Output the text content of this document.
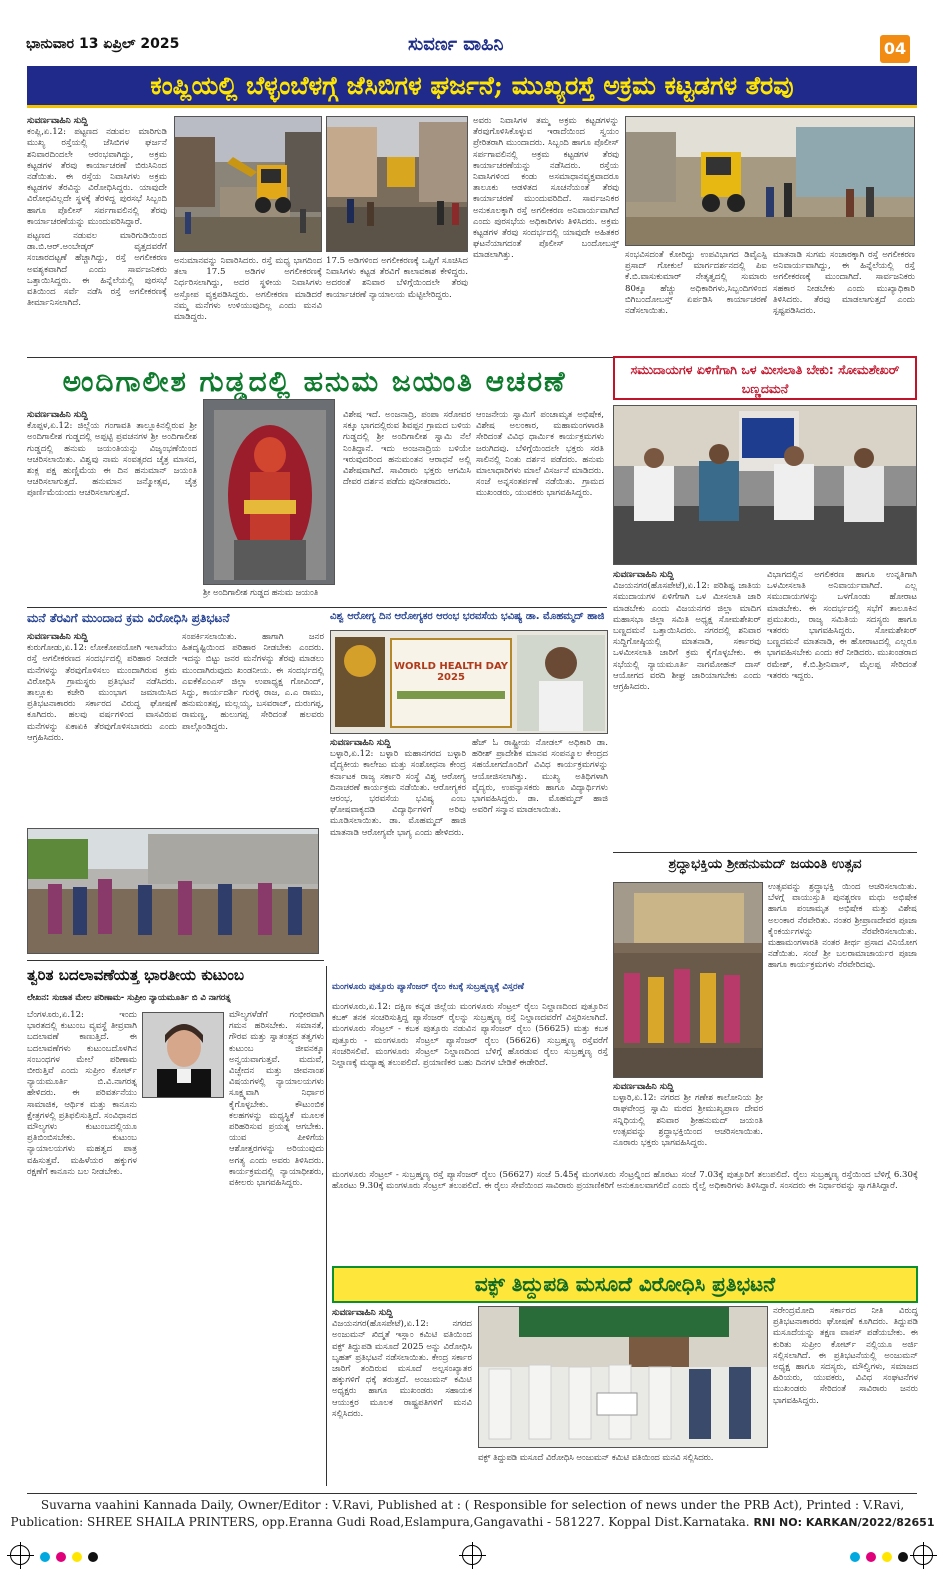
ಭಾನುವಾರ 13 ಏಪ್ರಿಲ್ 2025	ಸುವರ್ಣ ವಾಹಿನಿ	04
ಕಂಪ್ಲಿಯಲ್ಲಿ ಬೆಳ್ಳಂಬೆಳಗ್ಗೆ ಜೆಸಿಬಿಗಳ ಘರ್ಜನೆ; ಮುಖ್ಯರಸ್ತೆ ಅಕ್ರಮ ಕಟ್ಟಡಗಳ ತೆರವು
ಸುವರ್ಣವಾಹಿನಿ ಸುದ್ದಿ

ಕಂಪ್ಲಿ,ಏ.12: ಪಟ್ಟಣದ ನಡುವಲ ಮಾರಿಗುಡಿ ಮುಖ್ಯ ರಸ್ತೆಯಲ್ಲಿ ಜೆಸಿಬಿಗಳ ಘರ್ಜನೆ ಶನಿವಾರದಿಂದಲೇ ಆರಂಭವಾಗಿದ್ದು, ಅಕ್ರಮ ಕಟ್ಟಡಗಳ ತೆರವು ಕಾರ್ಯಾಚರಣೆ ಬಿರುಸಿನಿಂದ ನಡೆಯಿತು. ಈ ರಸ್ತೆಯ ನಿವಾಸಿಗಳು ಅಕ್ರಮ ಕಟ್ಟಡಗಳ ತೆರವಿನ್ನು ವಿರೋಧಿಸಿದ್ದರು. ಯಾವುದೇ ವಿರೋಧವಿಲ್ಲದೇ ಸ್ಥಳಕ್ಕೆ ತೆರಳಿದ್ದ ಪುರಸಭೆ ಸಿಬ್ಬಂದಿ ಹಾಗೂ ಪೊಲೀಸ್ ಸರ್ಪಗಾವಲಿನಲ್ಲಿ ತೆರವು ಕಾರ್ಯಾಚರಣೆಯನ್ನು ಮುಂದುವರಿಸಿದ್ದಾರೆ.

ಪಟ್ಟಣದ ನಡುವಲ ಮಾರಿಗುಡಿಯಿಂದ ಡಾ.ಬಿ.ಆರ್.ಅಂಬೇಡ್ಕರ್ ವೃತ್ತದವರೆಗೆ ಸಂಚಾರದಟ್ಟಣೆ ಹೆಚ್ಚಾಗಿದ್ದು, ರಸ್ತೆ ಅಗಲೀಕರಣ ಅವಶ್ಯಕವಾಗಿದೆ ಎಂದು ಸಾರ್ವಜನಿಕರು ಒತ್ತಾಯಿಸಿದ್ದರು. ಈ ಹಿನ್ನೆಲೆಯಲ್ಲಿ ಪುರಸಭೆ ವತಿಯಿಂದ ಸರ್ವೆ ನಡೆಸಿ ರಸ್ತೆ ಅಗಲೀಕರಣಕ್ಕೆ ತೀರ್ಮಾನಿಸಲಾಗಿದೆ.

ಅನುಮಾನವನ್ನು ನಿವಾರಿಸಿದರು. ರಸ್ತೆ ಮಧ್ಯ ಭಾಗದಿಂದ ತಲಾ 17.5 ಅಡಿಗಳ ಅಗಲೀಕರಣಕ್ಕೆ ನಿರ್ಧರಿಸಲಾಗಿದ್ದು, ಅದರ ಸ್ಥಳೀಯ ನಿವಾಸಿಗಳು ಅಸ್ತೋಪ ವ್ಯಕ್ತಪಡಿಸಿದ್ದರು. ಅಗಲೀಕರಣ ಮಾಡಿದರೆ ನಮ್ಮ ಮನೆಗಳು ಉಳಿಯುವುದಿಲ್ಲ ಎಂದು ಮನವಿ ಮಾಡಿದ್ದರು.

17.5 ಅಡಿಗಳಿಂದ ಅಗಲೀಕರಣಕ್ಕೆ ಒಪ್ಪಿಗೆ ಸೂಚಿಸಿದ ನಿವಾಸಿಗಳು ಕಟ್ಟಡ ತೆರವಿಗೆ ಕಾಲಾವಕಾಶ ಕೇಳಿದ್ದರು. ಅದರಂತೆ ಶನಿವಾರ ಬೆಳಿಗ್ಗೆಯಿಂದಲೇ ತೆರವು ಕಾರ್ಯಾಚರಣೆ ನ್ಯಾಯಾಲಯ ಮೆಟ್ಟಿಲೇರಿದ್ದರು.

ಅವರು ನಿವಾಸಿಗಳ ತಮ್ಮ ಅಕ್ರಮ ಕಟ್ಟಡಗಳನ್ನು ತೆರವುಗೊಳಿಸಿಕೊಳ್ಳುವ ಇರಾದೆಯಿಂದ ಸ್ವಯಂ ಪ್ರೇರಿತರಾಗಿ ಮುಂದಾದರು. ಸಿಬ್ಬಂದಿ ಹಾಗೂ ಪೊಲೀಸ್ ಸರ್ಪಗಾವಲಿನಲ್ಲಿ ಅಕ್ರಮ ಕಟ್ಟಡಗಳ ತೆರವು ಕಾರ್ಯಾಚರಣೆಯನ್ನು ನಡೆಸಿದರು. ರಸ್ತೆಯ ನಿವಾಸಿಗಳಿಂದ ಕಂಡು ಅಸಮಾಧಾನವ್ಯಕ್ತವಾದರೂ ತಾಲೂಕು ಆಡಳಿತದ ಸೂಚನೆಯಂತೆ ತೆರವು ಕಾರ್ಯಾಚರಣೆ ಮುಂದುವರಿದಿದೆ. ಸಾರ್ವಜನಿಕರ ಅನುಕೂಲಕ್ಕಾಗಿ ರಸ್ತೆ ಅಗಲೀಕರಣ ಅನಿವಾರ್ಯವಾಗಿದೆ ಎಂದು ಪುರಸಭೆಯ ಅಧಿಕಾರಿಗಳು ತಿಳಿಸಿದರು. ಅಕ್ರಮ ಕಟ್ಟಡಗಳ ತೆರವು ಸಂದರ್ಭದಲ್ಲಿ ಯಾವುದೇ ಅಹಿತಕರ ಘಟನೆಯಾಗದಂತೆ ಪೊಲೀಸ್ ಬಂದೋಬಸ್ತ್ ಮಾಡಲಾಗಿತ್ತು.	ಸಂಭವಿಸದಂತೆ ಕೋರಿದ್ದು ಉಪವಿಭಾಗದ ಡಿವೈಎಸ್ಪಿ ಪ್ರಸಾದ್ ಗೋಕುಲೆ ಮಾರ್ಗದರ್ಶನದಲ್ಲಿ ಪಿಐ ಕೆ.ಬಿ.ವಾಸುಕುಮಾರ್ ನೇತೃತ್ವದಲ್ಲಿ ಸುಮಾರು 80ಕ್ಕೂ ಹೆಚ್ಚು ಅಧಿಕಾರಿಗಳು,ಸಿಬ್ಬಂದಿಗಳಿಂದ ಬಿಗಿಬಂದೋಬಸ್ತ್ ಏರ್ಪಡಿಸಿ ಕಾರ್ಯಾಚರಣೆ ನಡೆಸಲಾಯಿತು.

ಮಾತನಾಡಿ ಸುಗಮ ಸಂಚಾರಕ್ಕಾಗಿ ರಸ್ತೆ ಅಗಲೀಕರಣ ಅನಿವಾರ್ಯವಾಗಿದ್ದು, ಈ ಹಿನ್ನೆಲೆಯಲ್ಲಿ ರಸ್ತೆ ಅಗಲೀಕರಣಕ್ಕೆ ಮುಂದಾಗಿದೆ. ಸಾರ್ವಜನಿಕರು ಸಹಕಾರ ನೀಡಬೇಕು ಎಂದು ಮುಖ್ಯಾಧಿಕಾರಿ ತಿಳಿಸಿದರು. ತೆರವು ಮಾಡಲಾಗುತ್ತದೆ ಎಂದು ಸ್ಪಷ್ಟಪಡಿಸಿದರು.

ಅಂದಿಗಾಲೀಶ ಗುಡ್ಡದಲ್ಲಿ ಹನುಮ ಜಯಂತಿ ಆಚರಣೆ
ಸುವರ್ಣವಾಹಿನಿ ಸುದ್ದಿ

ಕೊಪ್ಪಳ,ಏ.12: ಜಿಲ್ಲೆಯ ಗಂಗಾವತಿ ತಾಲ್ಲೂಕಿನಲ್ಲಿರುವ ಶ್ರೀ ಅಂದಿಗಾಲೀಶ ಗುಡ್ಡದಲ್ಲಿ ಅಪ್ಪಟ್ಟಿ ಪ್ರವಚನಗಳ ಶ್ರೀ ಅಂದಿಗಾಲೀಶ ಗುಡ್ಡದಲ್ಲಿ ಹನುಮ ಜಯಂತಿಯನ್ನು ವಿಜೃಂಭಣೆಯಿಂದ ಆಚರಿಸಲಾಯಿತು. ವಿಶ್ವವು ನಾಮ ಸಂವತ್ಸರದ ಚೈತ್ರ ಮಾಸದ, ಶುಕ್ಲ ಪಕ್ಷ ಹುಣ್ಣಿಮೆಯ ಈ ದಿನ ಹನುಮಾನ್ ಜಯಂತಿ ಆಚರಿಸಲಾಗುತ್ತದೆ. ಹನುಮಾನ ಜನ್ಮೋತ್ಸವ, ಚೈತ್ರ ಪೂರ್ಣಿಮೆಯಂದು ಆಚರಿಸಲಾಗುತ್ತದೆ.

ಶ್ರೀ ಅಂದಿಗಾಲೀಶ ಗುಡ್ಡದ ಹನುಮ ಜಯಂತಿ

ವಿಶೇಷ ಇದೆ. ಅಂಜನಾದ್ರಿ, ಪಂಪಾ ಸರೋವರ ಸಕ್ಕೂ ಭಾಗದಲ್ಲಿರುವ ಶಿವಪ್ಪನ ಗ್ರಾಮದ ಬಳಿಯ ಗುಡ್ಡದಲ್ಲಿ ಶ್ರೀ ಅಂದಿಗಾಲೀಶ ಸ್ವಾಮಿ ನೆಲೆ ನಿಂತಿದ್ದಾನೆ. ಇದು ಅಂಜನಾದ್ರಿಯ ಬಳಿಯೇ ಇರುವುದರಿಂದ ಹನುಮಂತನ ಆರಾಧನೆ ಅಲ್ಲಿ ವಿಶೇಷವಾಗಿದೆ. ಸಾವಿರಾರು ಭಕ್ತರು ಆಗಮಿಸಿ ದೇವರ ದರ್ಶನ ಪಡೆದು ಪುನೀತರಾದರು.

ಆಂಜನೇಯ ಸ್ವಾಮಿಗೆ ಪಂಚಾಮೃತ ಅಭಿಷೇಕ, ವಿಶೇಷ ಅಲಂಕಾರ, ಮಹಾಮಂಗಳಾರತಿ ಸೇರಿದಂತೆ ವಿವಿಧ ಧಾರ್ಮಿಕ ಕಾರ್ಯಕ್ರಮಗಳು ಜರುಗಿದವು. ಬೆಳಿಗ್ಗೆಯಿಂದಲೇ ಭಕ್ತರು ಸರತಿ ಸಾಲಿನಲ್ಲಿ ನಿಂತು ದರ್ಶನ ಪಡೆದರು. ಹನುಮ ಮಾಲಾಧಾರಿಗಳು ಮಾಲೆ ವಿಸರ್ಜನೆ ಮಾಡಿದರು. ಸಂಜೆ ಅನ್ನಸಂತರ್ಪಣೆ ನಡೆಯಿತು. ಗ್ರಾಮದ ಮುಖಂಡರು, ಯುವಕರು ಭಾಗವಹಿಸಿದ್ದರು.

ಸಮುದಾಯಗಳ ಏಳಿಗೆಗಾಗಿ ಒಳ ಮೀಸಲಾತಿ ಬೇಕು: ಸೋಮಶೇಖರ್ ಬಣ್ಣದಮನೆ
ಸುವರ್ಣವಾಹಿನಿ ಸುದ್ದಿ

ವಿಜಯನಗರ(ಹೊಸಪೇಟೆ),ಏ.12: ಪರಿಶಿಷ್ಟ ಜಾತಿಯ ಸಮುದಾಯಗಳ ಏಳಿಗೆಗಾಗಿ ಒಳ ಮೀಸಲಾತಿ ಜಾರಿ ಮಾಡಬೇಕು ಎಂದು ವಿಜಯನಗರ ಜಿಲ್ಲಾ ಮಾದಿಗ ಮಹಾಸಭಾ ಜಿಲ್ಲಾ ಸಮಿತಿ ಅಧ್ಯಕ್ಷ ಸೋಮಶೇಖರ್ ಬಣ್ಣದಮನೆ ಒತ್ತಾಯಿಸಿದರು. ನಗರದಲ್ಲಿ ಶನಿವಾರ ಸುದ್ದಿಗೋಷ್ಠಿಯಲ್ಲಿ ಮಾತನಾಡಿ, ಸರ್ಕಾರವು ಒಳಮೀಸಲಾತಿ ಜಾರಿಗೆ ಕ್ರಮ ಕೈಗೊಳ್ಳಬೇಕು. ಈ ಸಭೆಯಲ್ಲಿ ನ್ಯಾಯಮೂರ್ತಿ ನಾಗಮೋಹನ್ ದಾಸ್ ಆಯೋಗದ ವರದಿ ಶೀಘ್ರ ಜಾರಿಯಾಗಬೇಕು ಎಂದು ಆಗ್ರಹಿಸಿದರು.

ವಿಭಾಗದಲ್ಲಿನ ಅಗಲಿಕರಣ ಹಾಗೂ ಉನ್ನತಿಗಾಗಿ ಒಳಮೀಸಲಾತಿ ಅನಿವಾರ್ಯವಾಗಿದೆ. ಎಲ್ಲ ಸಮುದಾಯಗಳನ್ನು ಒಳಗೊಂಡು ಹೋರಾಟ ಮಾಡಬೇಕು. ಈ ಸಂದರ್ಭದಲ್ಲಿ ಸಭೆಗೆ ತಾಲೂಕಿನ ಪ್ರಮುಖರು, ರಾಜ್ಯ ಸಮಿತಿಯ ಸದಸ್ಯರು ಹಾಗೂ ಇತರರು ಭಾಗವಹಿಸಿದ್ದರು. ಸೋಮಶೇಖರ್ ಬಣ್ಣದಮನೆ ಮಾತನಾಡಿ, ಈ ಹೋರಾಟದಲ್ಲಿ ಎಲ್ಲರೂ ಭಾಗವಹಿಸಬೇಕು ಎಂದು ಕರೆ ನೀಡಿದರು. ಮುಖಂಡರಾದ ರಮೇಶ್, ಕೆ.ಬಿ.ಶ್ರೀನಿವಾಸ್, ಮೈಲಪ್ಪ ಸೇರಿದಂತೆ ಇತರರು ಇದ್ದರು.

ಮನೆ ತೆರವಿಗೆ ಮುಂದಾದ ಕ್ರಮ ವಿರೋಧಿಸಿ ಪ್ರತಿಭಟನೆ
ಸುವರ್ಣವಾಹಿನಿ ಸುದ್ದಿ

ಕುರುಗೋಡು,ಏ.12: ಲೋಕೋಪಯೋಗಿ ಇಲಾಖೆಯು ರಸ್ತೆ ಅಗಲೀಕರಣದ ಸಂದರ್ಭದಲ್ಲಿ ಪರಿಹಾರ ನೀಡದೇ ಮನೆಗಳನ್ನು ತೆರವುಗೊಳಿಸಲು ಮುಂದಾಗಿರುವ ಕ್ರಮ ವಿರೋಧಿಸಿ ಗ್ರಾಮಸ್ಥರು ಪ್ರತಿಭಟನೆ ನಡೆಸಿದರು. ತಾಲ್ಲೂಕು ಕಚೇರಿ ಮುಂಭಾಗ ಜಮಾಯಿಸಿದ ಪ್ರತಿಭಟನಾಕಾರರು ಸರ್ಕಾರದ ವಿರುದ್ಧ ಘೋಷಣೆ ಕೂಗಿದರು. ಹಲವು ವರ್ಷಗಳಿಂದ ವಾಸವಿರುವ ಮನೆಗಳನ್ನು ಏಕಾಏಕಿ ತೆರವುಗೊಳಿಸಬಾರದು ಎಂದು ಆಗ್ರಹಿಸಿದರು.

ಸಂಪರ್ಕಿಸಲಾಯಿತು. ಹಾಗಾಗಿ ಜನರ ಹಿತದೃಷ್ಟಿಯಿಂದ ಪರಿಹಾರ ನೀಡಬೇಕು ಎಂದರು. ಇದನ್ನು ಬಿಟ್ಟು ಜನರ ಮನೆಗಳನ್ನು ತೆರವು ಮಾಡಲು ಮುಂದಾಗಿರುವುದು ಖಂಡನೀಯ. ಈ ಸಂದರ್ಭದಲ್ಲಿ ಎಐಕೆಕೆಎಂಎಸ್ ಜಿಲ್ಲಾ ಉಪಾಧ್ಯಕ್ಷ ಗೋವಿಂದ್, ಸಿದ್ದು, ಕಾರ್ಯದರ್ಶಿ ಗುರಳ್ಳಿ ರಾಜ, ಎ.ಎ ರಾಮು, ಹನುಮಂತಪ್ಪ, ಮಲ್ಲಯ್ಯ, ಬಸವರಾಜ್, ದುರುಗಪ್ಪ, ರಾಮಣ್ಣ, ಹುಲುಗಪ್ಪ ಸೇರಿದಂತೆ ಹಲವರು ಪಾಲ್ಗೊಂಡಿದ್ದರು.

ವಿಶ್ವ ಆರೋಗ್ಯ ದಿನ ಆರೋಗ್ಯಕರ ಆರಂಭ ಭರವಸೆಯ ಭವಿಷ್ಯ ಡಾ. ಮೊಹಮ್ಮದ್ ಹಾಜಿ
WORLD HEALTH DAY 2025
ಸುವರ್ಣವಾಹಿನಿ ಸುದ್ದಿ

ಬಳ್ಳಾರಿ,ಏ.12: ಬಳ್ಳಾರಿ ಮಹಾನಗರದ ಬಳ್ಳಾರಿ ವೈದ್ಯಕೀಯ ಕಾಲೇಜು ಮತ್ತು ಸಂಶೋಧನಾ ಕೇಂದ್ರ ಕರ್ನಾಟಕ ರಾಜ್ಯ ಸರ್ಕಾರಿ ಸಂಸ್ಥೆ ವಿಶ್ವ ಆರೋಗ್ಯ ದಿನಾಚರಣೆ ಕಾರ್ಯಕ್ರಮ ನಡೆಯಿತು. ಆರೋಗ್ಯಕರ ಆರಂಭ, ಭರವಸೆಯ ಭವಿಷ್ಯ ಎಂಬ ಘೋಷವಾಕ್ಯದಡಿ ವಿದ್ಯಾರ್ಥಿಗಳಿಗೆ ಅರಿವು ಮೂಡಿಸಲಾಯಿತು. ಡಾ. ಮೊಹಮ್ಮದ್ ಹಾಜಿ ಮಾತನಾಡಿ ಆರೋಗ್ಯವೇ ಭಾಗ್ಯ ಎಂದು ಹೇಳಿದರು.

ಹೆಚ್ ಓ ರಾಷ್ಟ್ರೀಯ ನೋಡಲ್ ಅಧಿಕಾರಿ ಡಾ. ಹರೀಶ್ ಪ್ರಾದೇಶಿಕ ಮಾನವ ಸಂಪನ್ಮೂಲ ಕೇಂದ್ರದ ಸಹಯೋಗದೊಂದಿಗೆ ವಿವಿಧ ಕಾರ್ಯಕ್ರಮಗಳನ್ನು ಆಯೋಜಿಸಲಾಗಿತ್ತು. ಮುಖ್ಯ ಅತಿಥಿಗಳಾಗಿ ವೈದ್ಯರು, ಉಪನ್ಯಾಸಕರು ಹಾಗೂ ವಿದ್ಯಾರ್ಥಿಗಳು ಭಾಗವಹಿಸಿದ್ದರು. ಡಾ. ಮೊಹಮ್ಮದ್ ಹಾಜಿ ಅವರಿಗೆ ಸನ್ಮಾನ ಮಾಡಲಾಯಿತು.

ಶ್ರದ್ಧಾಭಕ್ತಿಯ ಶ್ರೀಹನುಮದ್ ಜಯಂತಿ ಉತ್ಸವ

ಉತ್ಸವವನ್ನು ಶ್ರದ್ಧಾಭಕ್ತಿ ಯಿಂದ ಆಚರಿಸಲಾಯಿತು. ಬೆಳಗ್ಗೆ ವಾಯುಸ್ತುತಿ ಪುನಶ್ಚರಣ ಮಧು ಅಭಿಷೇಕ ಹಾಗೂ ಪಂಚಾಮೃತ ಅಭಿಷೇಕ ಮತ್ತು ವಿಶೇಷ ಅಲಂಕಾರ ನೆರವೇರಿತು. ನಂತರ ಶ್ರೀಪ್ರಾಣದೇವರ ಪೂಜಾ ಕೈಂಕರ್ಯಗಳನ್ನು ನೆರವೇರಿಸಲಾಯಿತು. ಮಹಾಮಂಗಳಾರತಿ ನಂತರ ತೀರ್ಥ ಪ್ರಸಾದ ವಿನಿಯೋಗ ನಡೆಯಿತು. ಸಂಜೆ ಶ್ರೀ ಬಲರಾಮಾಚಾರ್ಯರ ಪೂಜಾ ಹಾಗೂ ಕಾರ್ಯಕ್ರಮಗಳು ನೆರವೇರಿದವು.

ಸುವರ್ಣವಾಹಿನಿ ಸುದ್ದಿ

ಬಳ್ಳಾರಿ,ಏ.12: ನಗರದ ಶ್ರೀ ಗಣೇಶ ಕಾಲೋನಿಯ ಶ್ರೀ ರಾಘವೇಂದ್ರ ಸ್ವಾಮಿ ಮಠದ ಶ್ರೀಮುಖ್ಯಪ್ರಾಣ ದೇವರ ಸನ್ನಿಧಿಯಲ್ಲಿ ಶನಿವಾರ ಶ್ರೀಹನುಮದ್ ಜಯಂತಿ ಉತ್ಸವವನ್ನು ಶ್ರದ್ಧಾಭಕ್ತಿಯಿಂದ ಆಚರಿಸಲಾಯಿತು. ನೂರಾರು ಭಕ್ತರು ಭಾಗವಹಿಸಿದ್ದರು.

ತ್ವರಿತ ಬದಲಾವಣೆಯತ್ತ ಭಾರತೀಯ ಕುಟುಂಬ
ಲೇಖನ: ಸುಜಾತ ಮೇಲ ಪರಿಣಾಮ- ಸುಪ್ರೀಂ ನ್ಯಾಯಮೂರ್ತಿ ಬಿ ವಿ ನಾಗರತ್ನ

ಬೆಂಗಳೂರು,ಏ.12: ಇಂದು ಭಾರತದಲ್ಲಿ ಕುಟುಂಬ ವ್ಯವಸ್ಥೆ ತೀವ್ರವಾಗಿ ಬದಲಾವಣೆ ಕಾಣುತ್ತಿದೆ. ಈ ಬದಲಾವಣೆಗಳು ಕುಟುಂಬದೊಳಗಿನ ಸಂಬಂಧಗಳ ಮೇಲೆ ಪರಿಣಾಮ ಬೀರುತ್ತಿವೆ ಎಂದು ಸುಪ್ರೀಂ ಕೋರ್ಟ್ ನ್ಯಾಯಮೂರ್ತಿ ಬಿ.ವಿ.ನಾಗರತ್ನ ಹೇಳಿದರು. ಈ ಪರಿವರ್ತನೆಯು ಸಾಮಾಜಿಕ, ಆರ್ಥಿಕ ಮತ್ತು ಕಾನೂನು ಕ್ಷೇತ್ರಗಳಲ್ಲಿ ಪ್ರತಿಫಲಿಸುತ್ತಿದೆ. ಸಂವಿಧಾನದ ಮೌಲ್ಯಗಳು ಕುಟುಂಬದಲ್ಲಿಯೂ ಪ್ರತಿಬಿಂಬಿಸಬೇಕು. ಕುಟುಂಬ ನ್ಯಾಯಾಲಯಗಳು ಮಹತ್ವದ ಪಾತ್ರ ವಹಿಸುತ್ತವೆ. ಮಹಿಳೆಯರ ಹಕ್ಕುಗಳ ರಕ್ಷಣೆಗೆ ಕಾನೂನು ಬಲ ನೀಡಬೇಕು.

ಮೌಲ್ಯಗಳೆಡೆಗೆ ಗಂಭೀರವಾಗಿ ಗಮನ ಹರಿಸಬೇಕು. ಸಮಾನತೆ, ಗೌರವ ಮತ್ತು ಸ್ವಾತಂತ್ರ್ಯದ ತತ್ವಗಳು ಕುಟುಂಬ ಜೀವನಕ್ಕೂ ಅನ್ವಯವಾಗುತ್ತವೆ. ಮದುವೆ, ವಿಚ್ಛೇದನ ಮತ್ತು ಜೀವನಾಂಶ ವಿಷಯಗಳಲ್ಲಿ ನ್ಯಾಯಾಲಯಗಳು ಸೂಕ್ಷ್ಮವಾಗಿ ನಿರ್ಧಾರ ಕೈಗೊಳ್ಳಬೇಕು. ಕೌಟುಂಬಿಕ ಕಲಹಗಳನ್ನು ಮಧ್ಯಸ್ಥಿಕೆ ಮೂಲಕ ಪರಿಹರಿಸುವ ಪ್ರಯತ್ನ ಆಗಬೇಕು. ಯುವ ಪೀಳಿಗೆಯ ಆಶೋತ್ತರಗಳನ್ನು ಅರಿಯುವುದು ಅಗತ್ಯ ಎಂದು ಅವರು ತಿಳಿಸಿದರು. ಕಾರ್ಯಕ್ರಮದಲ್ಲಿ ನ್ಯಾಯಾಧೀಶರು, ವಕೀಲರು ಭಾಗವಹಿಸಿದ್ದರು.

ಮಂಗಳೂರು ಪುತ್ತೂರು ಪ್ಯಾಸೆಂಜರ್ ರೈಲು ಕಬಕ್ಕೆ ಸುಬ್ರಹ್ಮಣ್ಯಕ್ಕೆ ವಿಸ್ತರಣೆ

ಮಂಗಳೂರು,ಏ.12: ದಕ್ಷಿಣ ಕನ್ನಡ ಜಿಲ್ಲೆಯ ಮಂಗಳೂರು ಸೆಂಟ್ರಲ್ ರೈಲು ನಿಲ್ದಾಣದಿಂದ ಪುತ್ತೂರಿನ ಕಬಕ್ ತನಕ ಸಂಚರಿಸುತ್ತಿದ್ದ ಪ್ಯಾಸೆಂಜರ್ ರೈಲನ್ನು ಸುಬ್ರಹ್ಮಣ್ಯ ರಸ್ತೆ ನಿಲ್ದಾಣದವರೆಗೆ ವಿಸ್ತರಿಸಲಾಗಿದೆ. ಮಂಗಳೂರು ಸೆಂಟ್ರಲ್ - ಕಬಕ ಪುತ್ತೂರು ನಡುವಿನ ಪ್ಯಾಸೆಂಜರ್ ರೈಲು (56625) ಮತ್ತು ಕಬಕ ಪುತ್ತೂರು - ಮಂಗಳೂರು ಸೆಂಟ್ರಲ್ ಪ್ಯಾಸೆಂಜರ್ ರೈಲು (56626) ಸುಬ್ರಹ್ಮಣ್ಯ ರಸ್ತೆವರೆಗೆ ಸಂಚರಿಸಲಿವೆ. ಮಂಗಳೂರು ಸೆಂಟ್ರಲ್ ನಿಲ್ದಾಣದಿಂದ ಬೆಳಿಗ್ಗೆ ಹೊರಡುವ ರೈಲು ಸುಬ್ರಹ್ಮಣ್ಯ ರಸ್ತೆ ನಿಲ್ದಾಣಕ್ಕೆ ಮಧ್ಯಾಹ್ನ ತಲುಪಲಿದೆ. ಪ್ರಯಾಣಿಕರ ಬಹು ದಿನಗಳ ಬೇಡಿಕೆ ಈಡೇರಿದೆ.

ಮಂಗಳೂರು ಸೆಂಟ್ರಲ್ - ಸುಬ್ರಹ್ಮಣ್ಯ ರಸ್ತೆ ಪ್ಯಾಸೆಂಜರ್ ರೈಲು (56627) ಸಂಜೆ 5.45ಕ್ಕೆ ಮಂಗಳೂರು ಸೆಂಟ್ರಲ್ನಿಂದ ಹೊರಟು ಸಂಜೆ 7.03ಕ್ಕೆ ಪುತ್ತೂರಿಗೆ ತಲುಪಲಿದೆ. ರೈಲು ಸುಬ್ರಹ್ಮಣ್ಯ ರಸ್ತೆಯಿಂದ ಬೆಳಿಗ್ಗೆ 6.30ಕ್ಕೆ ಹೊರಟು 9.30ಕ್ಕೆ ಮಂಗಳೂರು ಸೆಂಟ್ರಲ್ ತಲುಪಲಿದೆ. ಈ ರೈಲು ಸೇವೆಯಿಂದ ಸಾವಿರಾರು ಪ್ರಯಾಣಿಕರಿಗೆ ಅನುಕೂಲವಾಗಲಿದೆ ಎಂದು ರೈಲ್ವೆ ಅಧಿಕಾರಿಗಳು ತಿಳಿಸಿದ್ದಾರೆ. ಸಂಸದರು ಈ ನಿರ್ಧಾರವನ್ನು ಸ್ವಾಗತಿಸಿದ್ದಾರೆ.

ವಕ್ಫ್ ತಿದ್ದುಪಡಿ ಮಸೂದೆ ವಿರೋಧಿಸಿ ಪ್ರತಿಭಟನೆ
ಸುವರ್ಣವಾಹಿನಿ ಸುದ್ದಿ

ವಿಜಯನಗರ(ಹೊಸಪೇಟೆ),ಏ.12: ನಗರದ ಅಂಜುಮನ್ ಖಿದ್ಮತೆ ಇಸ್ಲಾಂ ಕಮಿಟಿ ವತಿಯಿಂದ ವಕ್ಫ್ ತಿದ್ದುಪಡಿ ಮಸೂದೆ 2025 ಅನ್ನು ವಿರೋಧಿಸಿ ಬೃಹತ್ ಪ್ರತಿಭಟನೆ ನಡೆಸಲಾಯಿತು. ಕೇಂದ್ರ ಸರ್ಕಾರ ಜಾರಿಗೆ ತಂದಿರುವ ಮಸೂದೆ ಅಲ್ಪಸಂಖ್ಯಾತರ ಹಕ್ಕುಗಳಿಗೆ ಧಕ್ಕೆ ತರುತ್ತದೆ. ಅಂಜುಮನ್ ಕಮಿಟಿ ಅಧ್ಯಕ್ಷರು ಹಾಗೂ ಮುಖಂಡರು ಸಹಾಯಕ ಆಯುಕ್ತರ ಮೂಲಕ ರಾಷ್ಟ್ರಪತಿಗಳಿಗೆ ಮನವಿ ಸಲ್ಲಿಸಿದರು.

ವಕ್ಫ್ ತಿದ್ದುಪಡಿ ಮಸೂದೆ ವಿರೋಧಿಸಿ ಅಂಜುಮನ್ ಕಮಿಟಿ ವತಿಯಿಂದ ಮನವಿ ಸಲ್ಲಿಸಿದರು.

ನರೇಂದ್ರಮೋದಿ ಸರ್ಕಾರದ ನೀತಿ ವಿರುದ್ಧ ಪ್ರತಿಭಟನಾಕಾರರು ಘೋಷಣೆ ಕೂಗಿದರು. ತಿದ್ದುಪಡಿ ಮಸೂದೆಯನ್ನು ತಕ್ಷಣ ವಾಪಸ್ ಪಡೆಯಬೇಕು. ಈ ಕುರಿತು ಸುಪ್ರೀಂ ಕೋರ್ಟ್ ನಲ್ಲಿಯೂ ಅರ್ಜಿ ಸಲ್ಲಿಸಲಾಗಿದೆ. ಈ ಪ್ರತಿಭಟನೆಯಲ್ಲಿ ಅಂಜುಮನ್ ಅಧ್ಯಕ್ಷ ಹಾಗೂ ಸದಸ್ಯರು, ಮೌಲ್ವಿಗಳು, ಸಮಾಜದ ಹಿರಿಯರು, ಯುವಕರು, ವಿವಿಧ ಸಂಘಟನೆಗಳ ಮುಖಂಡರು ಸೇರಿದಂತೆ ಸಾವಿರಾರು ಜನರು ಭಾಗವಹಿಸಿದ್ದರು.

Suvarna vaahini Kannada Daily, Owner/Editor : V.Ravi, Published at : ( Responsible for selection of news under the PRB Act), Printed : V.Ravi,
Publication: SHREE SHAILA PRINTERS, opp.Eranna Gudi Road,Eslampura,Gangavathi - 581227. Koppal Dist.Karnataka. RNI NO: KARKAN/2022/82651
